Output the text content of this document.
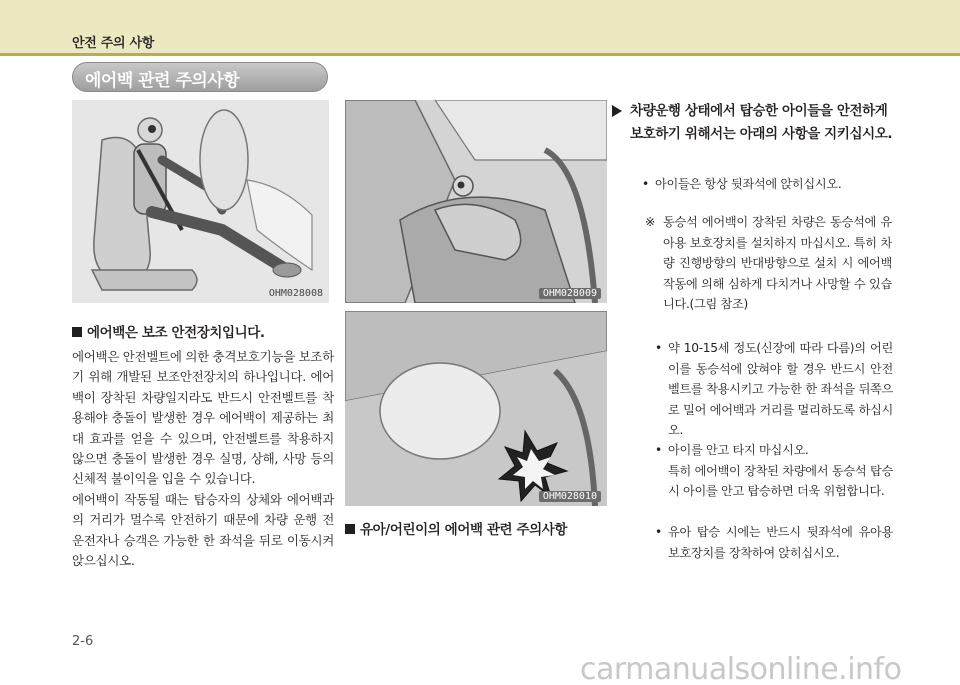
안전 주의 사항
에어백 관련 주의사항
OHM028008	OHM028009
OHM028010
에어백은 보조 안전장치입니다.

에어백은 안전벨트에 의한 충격보호기능을 보조하기 위해 개발된 보조안전장치의 하나입니다. 에어백이 장착된 차량일지라도 반드시 안전벨트를 착용해야 충돌이 발생한 경우 에어백이 제공하는 최대 효과를 얻을 수 있으며, 안전벨트를 착용하지 않으면 충돌이 발생한 경우 실명, 상해, 사망 등의 신체적 불이익을 입을 수 있습니다.

에어백이 작동될 때는 탑승자의 상체와 에어백과의 거리가 멀수록 안전하기 때문에 차량 운행 전 운전자나 승객은 가능한 한 좌석을 뒤로 이동시켜 앉으십시오.

유아/어린이의 에어백 관련 주의사항
차량운행 상태에서 탑승한 아이들을 안전하게 보호하기 위해서는 아래의 사항을 지키십시오.
• 아이들은 항상 뒷좌석에 앉히십시오.
※ 동승석 에어백이 장착된 차량은 동승석에 유아용 보호장치를 설치하지 마십시오. 특히 차량 진행방향의 반대방향으로 설치 시 에어백 작동에 의해 심하게 다치거나 사망할 수 있습니다.(그림 참조)
• 약 10-15세 정도(신장에 따라 다름)의 어린이를 동승석에 앉혀야 할 경우 반드시 안전벨트를 착용시키고 가능한 한 좌석을 뒤쪽으로 밀어 에어백과 거리를 멀리하도록 하십시오.
• 아이를 안고 타지 마십시오.
특히 에어백이 장착된 차량에서 동승석 탑승시 아이를 안고 탑승하면 더욱 위험합니다.
• 유아 탑승 시에는 반드시 뒷좌석에 유아용 보호장치를 장착하여 앉히십시오.
2-6
carmanualsonline.info
